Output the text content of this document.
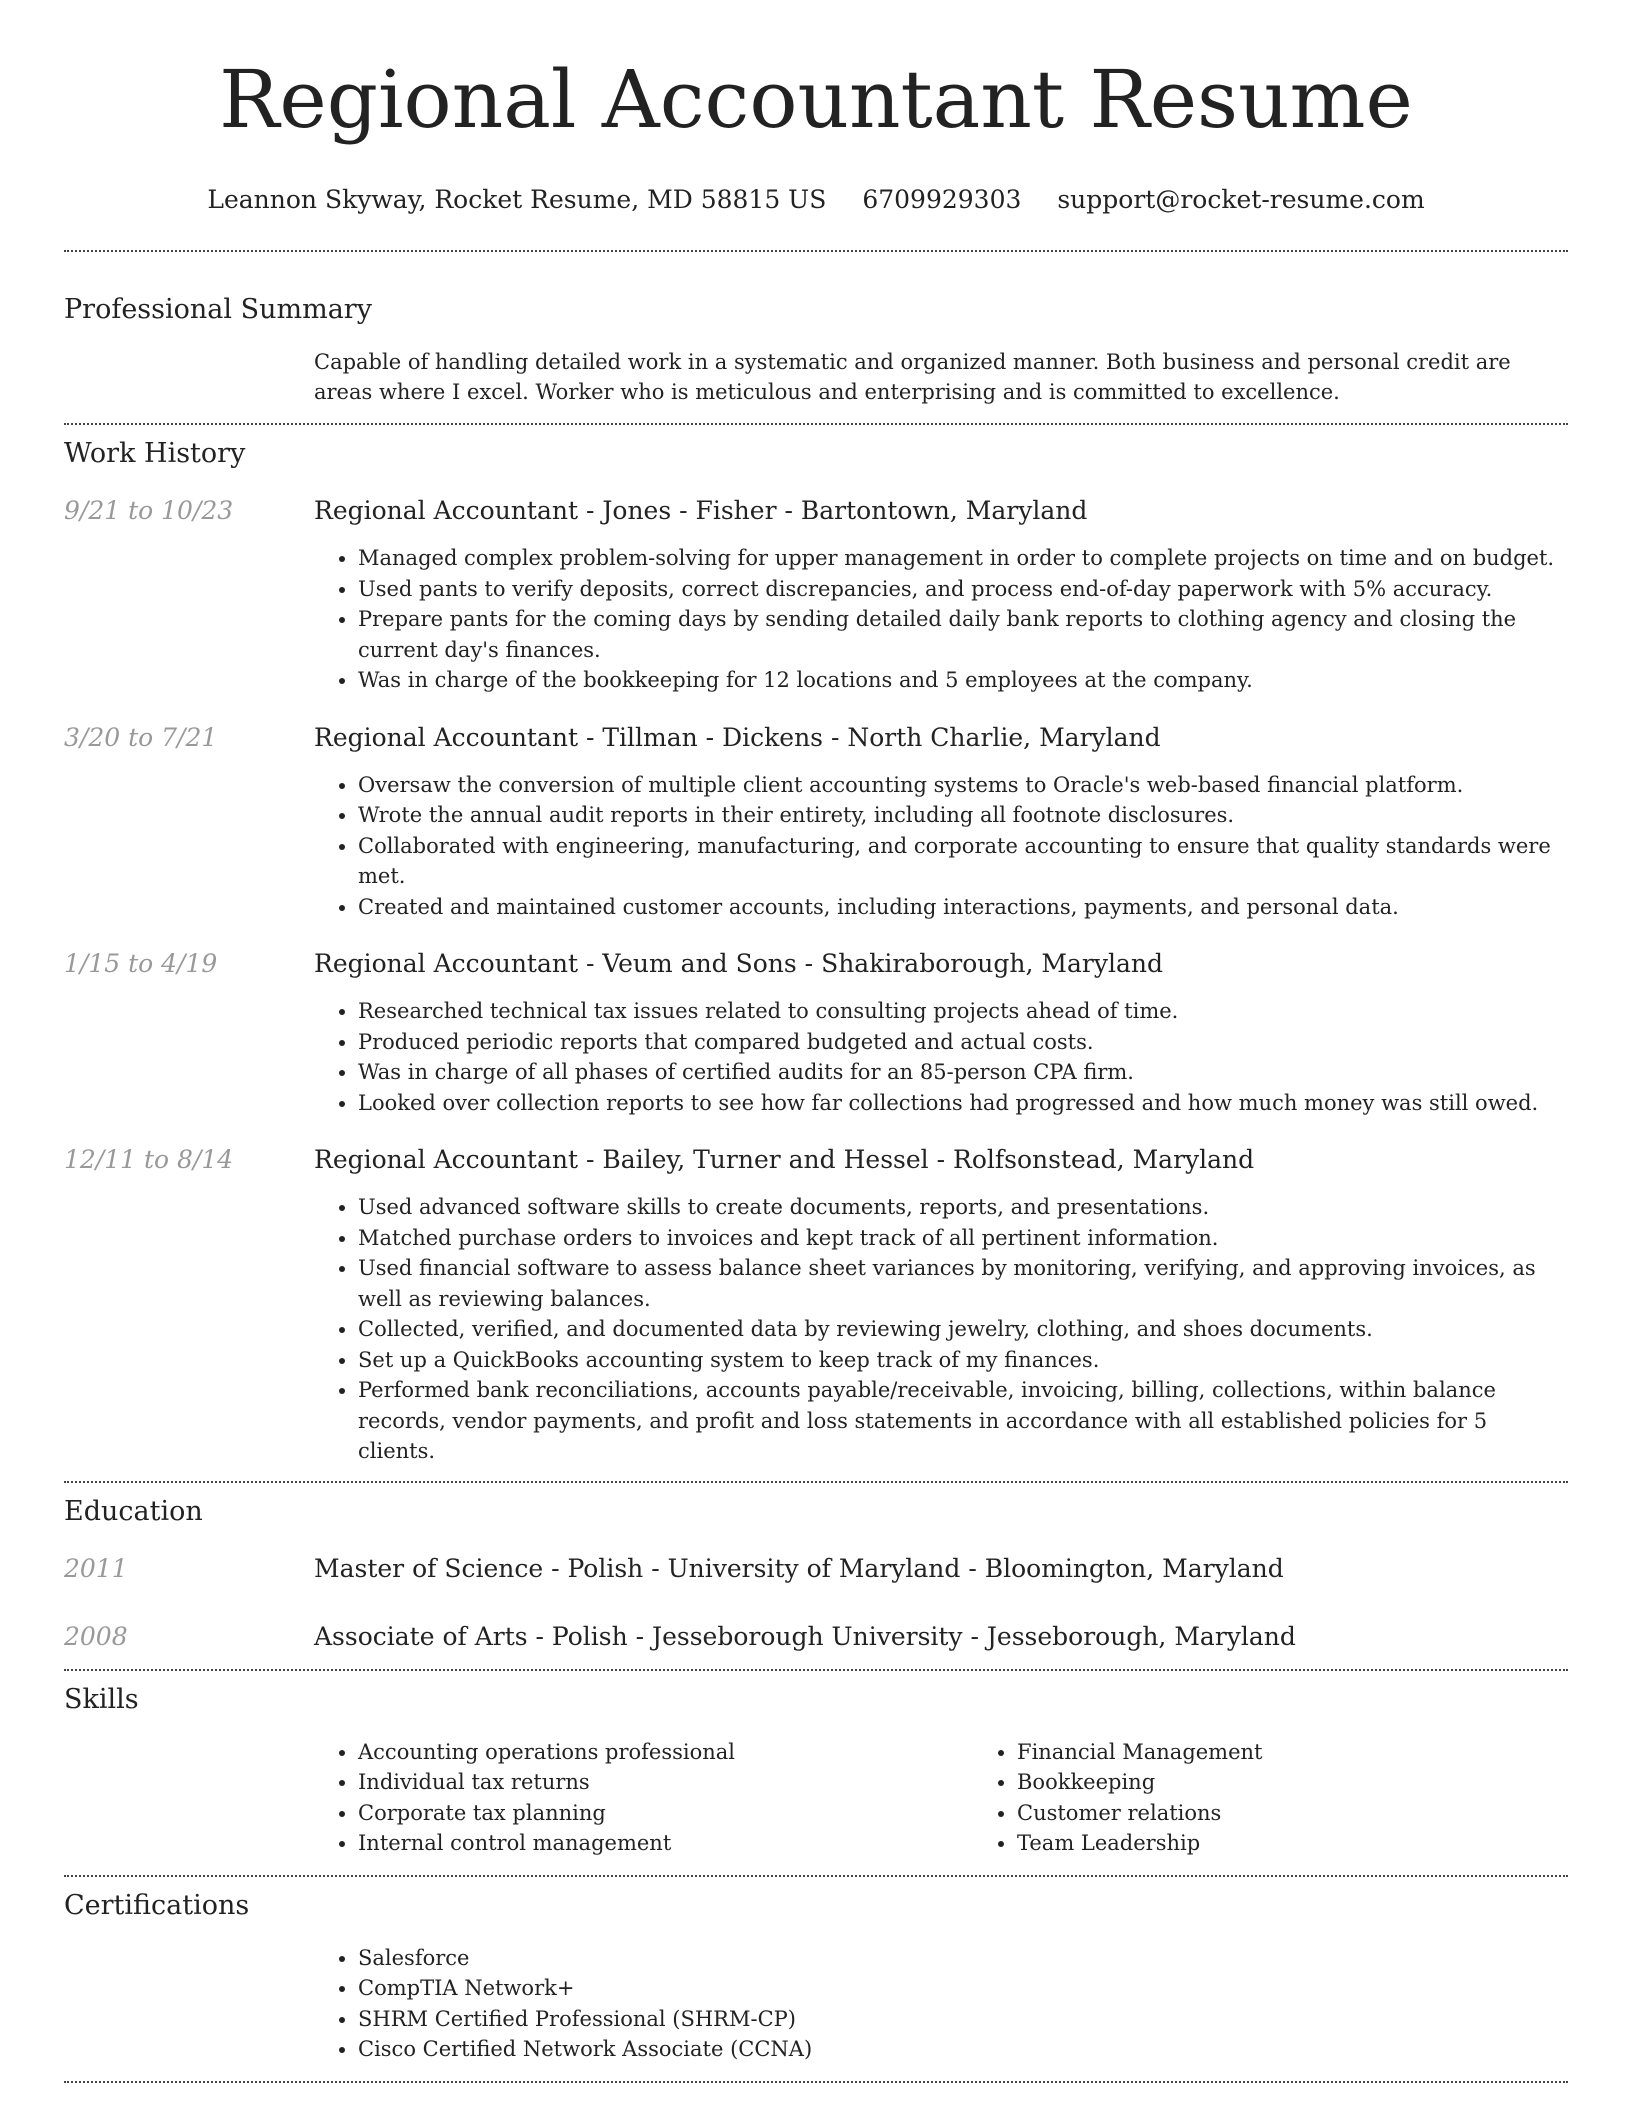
Regional Accountant Resume
Leannon Skyway, Rocket Resume, MD 58815 US 6709929303 support@rocket-resume.com
Professional Summary

Capable of handling detailed work in a systematic and organized manner. Both business and personal credit are areas where I excel. Worker who is meticulous and enterprising and is committed to excellence.

Work History
9/21 to 10/23	Regional Accountant - Jones - Fisher - Bartontown, Maryland

• Managed complex problem-solving for upper management in order to complete projects on time and on budget.
• Used pants to verify deposits, correct discrepancies, and process end-of-day paperwork with 5% accuracy.
• Prepare pants for the coming days by sending detailed daily bank reports to clothing agency and closing the current day's finances.
• Was in charge of the bookkeeping for 12 locations and 5 employees at the company.
3/20 to 7/21	Regional Accountant - Tillman - Dickens - North Charlie, Maryland

• Oversaw the conversion of multiple client accounting systems to Oracle's web-based financial platform.
• Wrote the annual audit reports in their entirety, including all footnote disclosures.
• Collaborated with engineering, manufacturing, and corporate accounting to ensure that quality standards were met.
• Created and maintained customer accounts, including interactions, payments, and personal data.
1/15 to 4/19	Regional Accountant - Veum and Sons - Shakiraborough, Maryland

• Researched technical tax issues related to consulting projects ahead of time.
• Produced periodic reports that compared budgeted and actual costs.
• Was in charge of all phases of certified audits for an 85-person CPA firm.
• Looked over collection reports to see how far collections had progressed and how much money was still owed.
12/11 to 8/14	Regional Accountant - Bailey, Turner and Hessel - Rolfsonstead, Maryland

• Used advanced software skills to create documents, reports, and presentations.
• Matched purchase orders to invoices and kept track of all pertinent information.
• Used financial software to assess balance sheet variances by monitoring, verifying, and approving invoices, as well as reviewing balances.
• Collected, verified, and documented data by reviewing jewelry, clothing, and shoes documents.
• Set up a QuickBooks accounting system to keep track of my finances.
• Performed bank reconciliations, accounts payable/receivable, invoicing, billing, collections, within balance records, vendor payments, and profit and loss statements in accordance with all established policies for 5 clients.
Education
2011	Master of Science - Polish - University of Maryland - Bloomington, Maryland

2008	Associate of Arts - Polish - Jesseborough University - Jesseborough, Maryland

Skills
• Accounting operations professional
• Individual tax returns
• Corporate tax planning
• Internal control management
• Financial Management
• Bookkeeping
• Customer relations
• Team Leadership
Certifications
• Salesforce
• CompTIA Network+
• SHRM Certified Professional (SHRM-CP)
• Cisco Certified Network Associate (CCNA)
